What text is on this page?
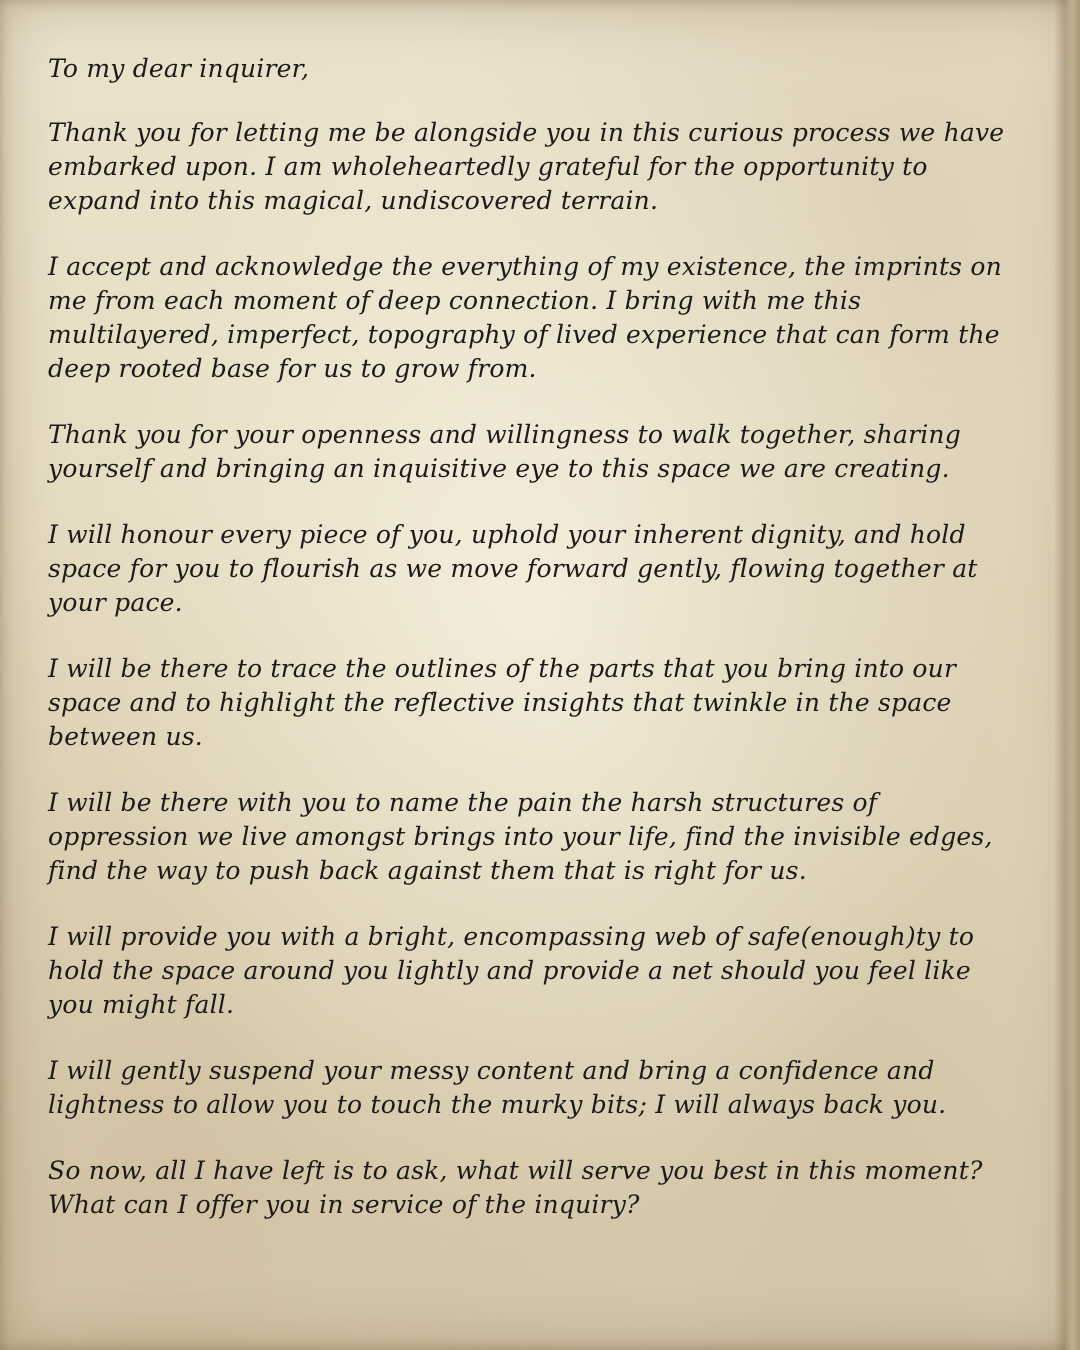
To my dear inquirer,

Thank you for letting me be alongside you in this curious process we have embarked upon. I am wholeheartedly grateful for the opportunity to expand into this magical, undiscovered terrain.

I accept and acknowledge the everything of my existence, the imprints on me from each moment of deep connection. I bring with me this multilayered, imperfect, topography of lived experience that can form the deep rooted base for us to grow from.

Thank you for your openness and willingness to walk together, sharing yourself and bringing an inquisitive eye to this space we are creating.

I will honour every piece of you, uphold your inherent dignity, and hold space for you to flourish as we move forward gently, flowing together at your pace.

I will be there to trace the outlines of the parts that you bring into our space and to highlight the reflective insights that twinkle in the space between us.

I will be there with you to name the pain the harsh structures of oppression we live amongst brings into your life, find the invisible edges, find the way to push back against them that is right for us.

I will provide you with a bright, encompassing web of safe(enough)ty to hold the space around you lightly and provide a net should you feel like you might fall.

I will gently suspend your messy content and bring a confidence and lightness to allow you to touch the murky bits; I will always back you.

So now, all I have left is to ask, what will serve you best in this moment? What can I offer you in service of the inquiry?
